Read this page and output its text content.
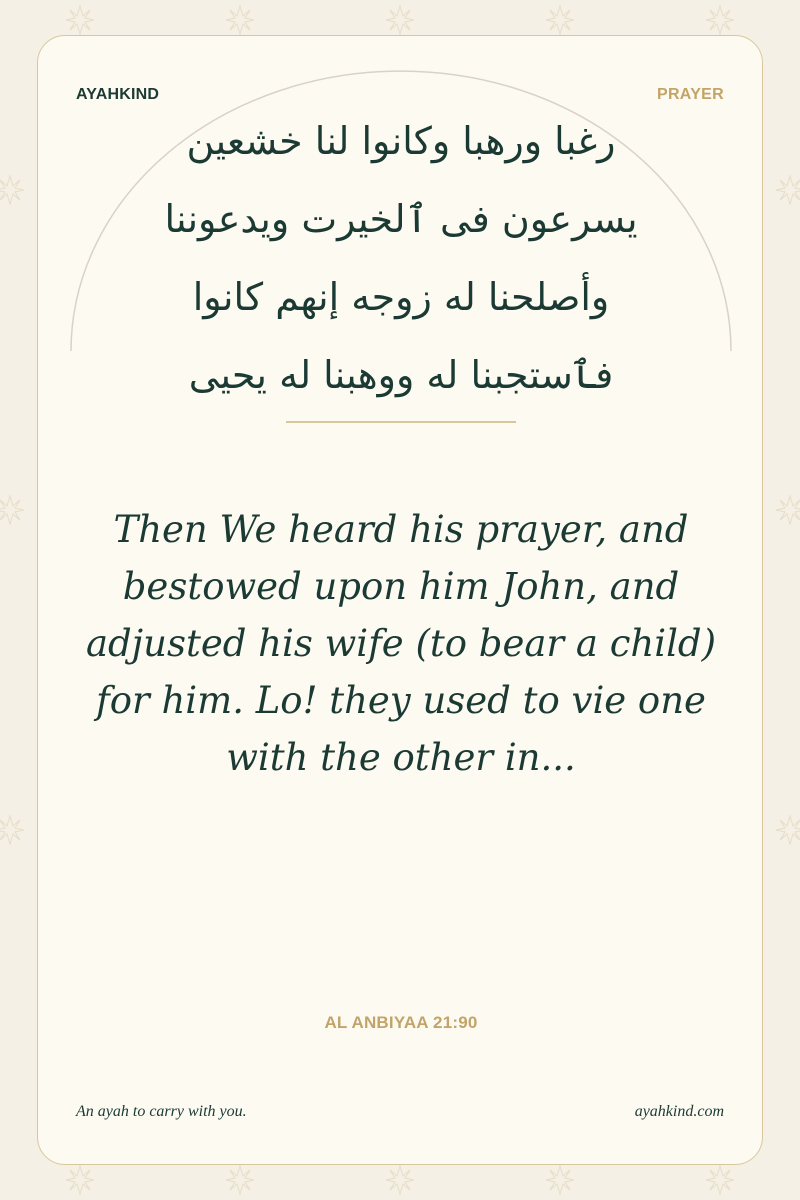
AYAHKIND	PRAYER
رغبا ورهبا وكانوا لنا خشعين
يسرعون فى ٱلخيرت ويدعوننا
وأصلحنا له زوجه إنهم كانوا
فٱستجبنا له ووهبنا له يحيى
Then We heard his prayer, and bestowed upon him John, and adjusted his wife (to bear a child) for him. Lo! they used to vie one with the other in...
AL ANBIYAA 21:90
An ayah to carry with you.	ayahkind.com
